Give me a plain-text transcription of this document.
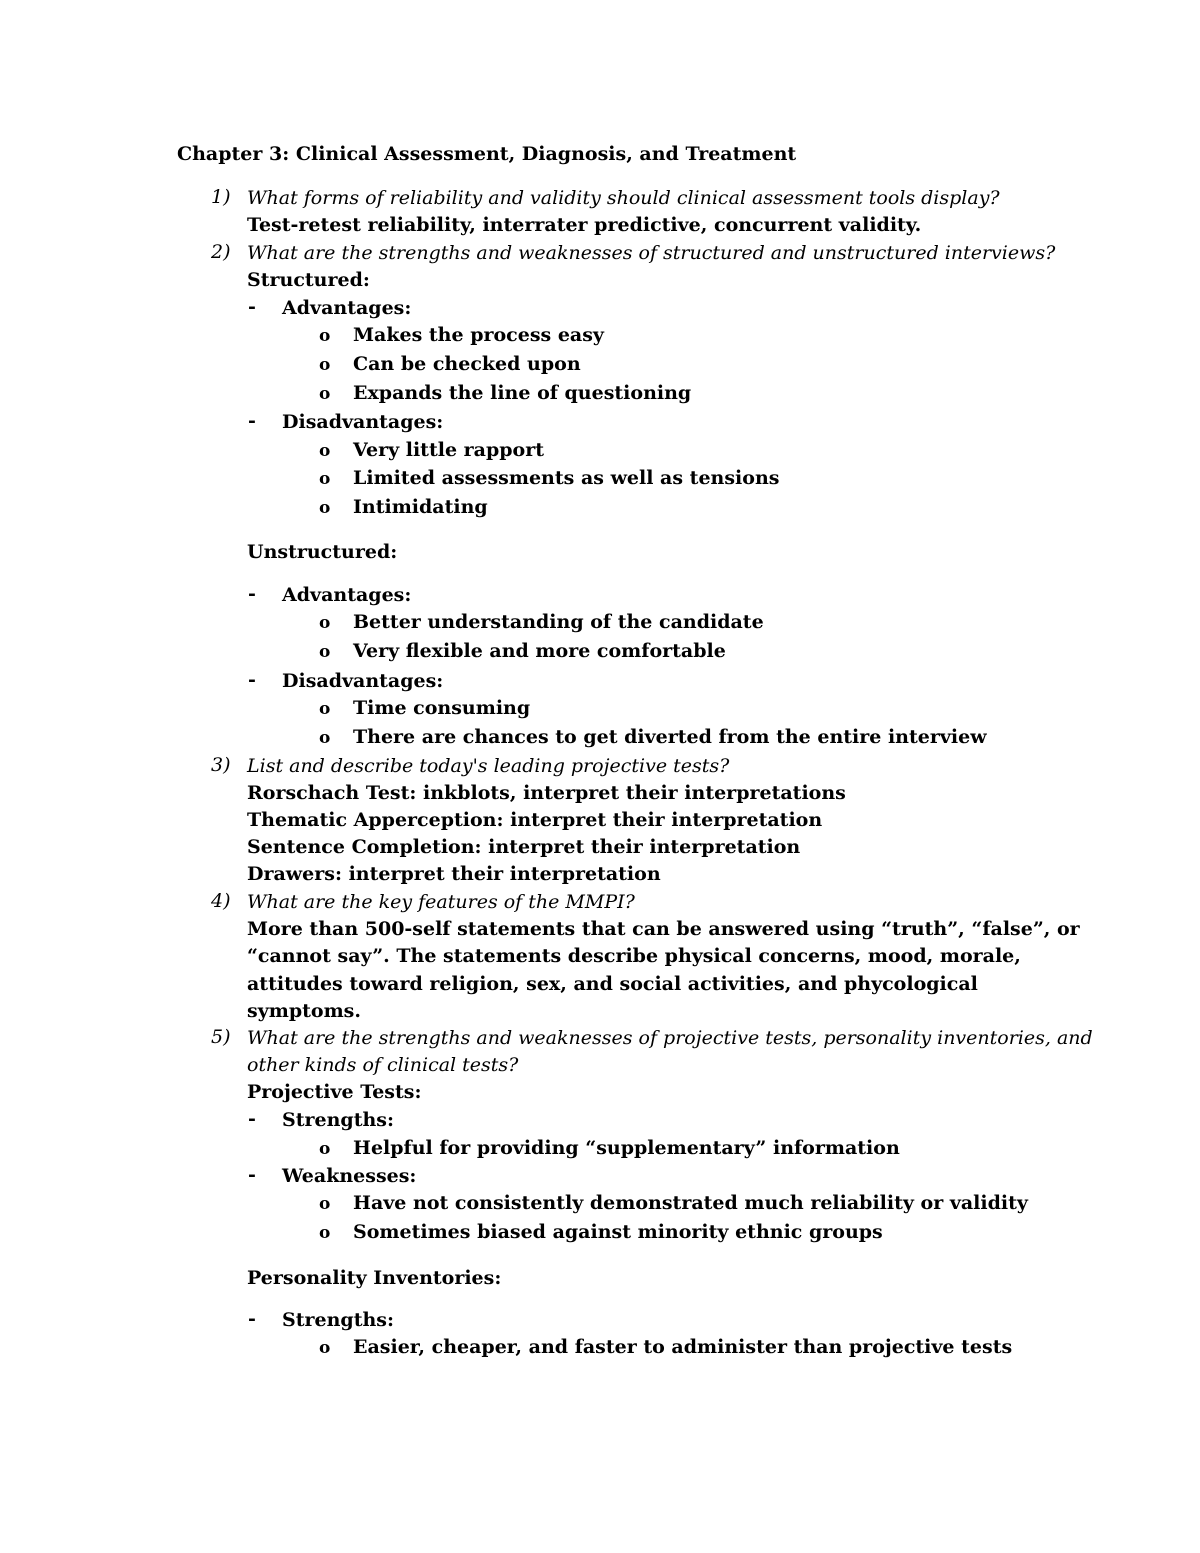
Chapter 3: Clinical Assessment, Diagnosis, and Treatment
1) What forms of reliability and validity should clinical assessment tools display?
Test-retest reliability, interrater predictive, concurrent validity.
2) What are the strengths and weaknesses of structured and unstructured interviews?
Structured:
- Advantages:
o Makes the process easy
o Can be checked upon
o Expands the line of questioning
- Disadvantages:
o Very little rapport
o Limited assessments as well as tensions
o Intimidating
Unstructured:
- Advantages:
o Better understanding of the candidate
o Very flexible and more comfortable
- Disadvantages:
o Time consuming
o There are chances to get diverted from the entire interview
3) List and describe today's leading projective tests?
Rorschach Test: inkblots, interpret their interpretations
Thematic Apperception: interpret their interpretation
Sentence Completion: interpret their interpretation
Drawers: interpret their interpretation
4) What are the key features of the MMPI?
More than 500-self statements that can be answered using “truth”, “false”, or
“cannot say”. The statements describe physical concerns, mood, morale,
attitudes toward religion, sex, and social activities, and phycological
symptoms.
5) What are the strengths and weaknesses of projective tests, personality inventories, and
other kinds of clinical tests?
Projective Tests:
- Strengths:
o Helpful for providing “supplementary” information
- Weaknesses:
o Have not consistently demonstrated much reliability or validity
o Sometimes biased against minority ethnic groups
Personality Inventories:
- Strengths:
o Easier, cheaper, and faster to administer than projective tests
